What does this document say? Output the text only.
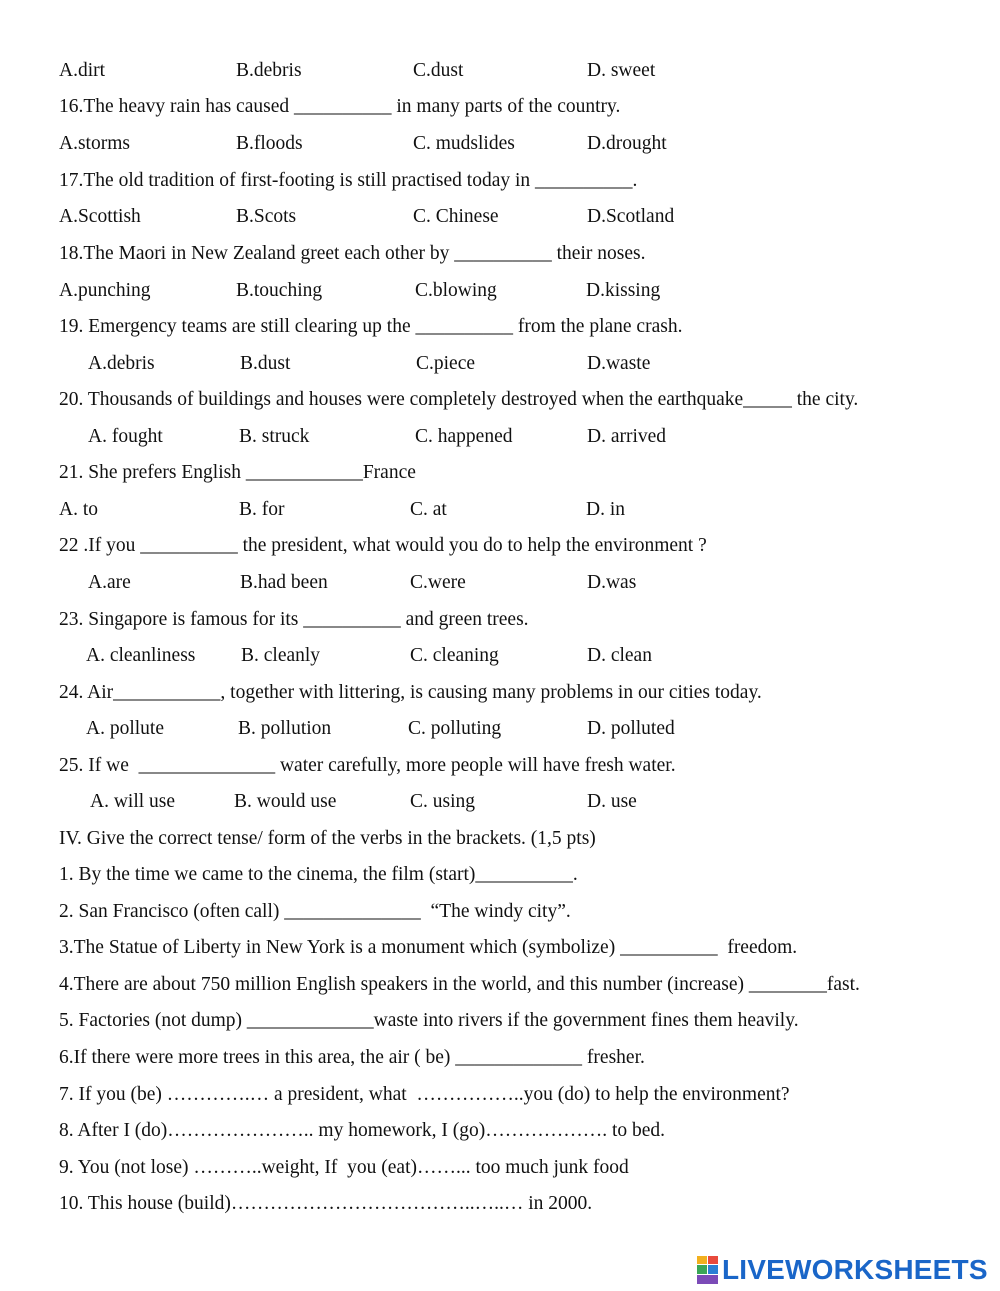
A.dirt	B.debris	C.dust	D. sweet
16.The heavy rain has caused __________ in many parts of the country.
A.storms	B.floods	C. mudslides	D.drought
17.The old tradition of first-footing is still practised today in __________.
A.Scottish	B.Scots	C. Chinese	D.Scotland
18.The Maori in New Zealand greet each other by __________ their noses.
A.punching	B.touching	C.blowing	D.kissing
19. Emergency teams are still clearing up the __________ from the plane crash.
A.debris	B.dust	C.piece	D.waste
20. Thousands of buildings and houses were completely destroyed when the earthquake_____ the city.
A. fought	B. struck	C. happened	D. arrived
21. She prefers English ____________France
A. to	B. for	C. at	D. in
22 .If you __________ the president, what would you do to help the environment ?
A.are	B.had been	C.were	D.was
23. Singapore is famous for its __________ and green trees.
A. cleanliness B. cleanly	C. cleaning	D. clean
24. Air___________, together with littering, is causing many problems in our cities today.
A. pollute	B. pollution	C. polluting	D. polluted
25. If we  ______________ water carefully, more people will have fresh water.
A. will use	B. would use	C. using	D. use
IV. Give the correct tense/ form of the verbs in the brackets. (1,5 pts)
1. By the time we came to the cinema, the film (start)__________.
2. San Francisco (often call) ______________  “The windy city”.
3.The Statue of Liberty in New York is a monument which (symbolize) __________  freedom.
4.There are about 750 million English speakers in the world, and this number (increase) ________fast.
5. Factories (not dump) _____________waste into rivers if the government fines them heavily.
6.If there were more trees in this area, the air ( be) _____________ fresher.
7. If you (be) ………….… a president, what  ……………..you (do) to help the environment?
8. After I (do)………………….. my homework, I (go)………………. to bed.
9. You (not lose) ………..weight, If  you (eat)……... too much junk food
10. This house (build)………………………………..…..… in 2000.
LIVEWORKSHEETS
